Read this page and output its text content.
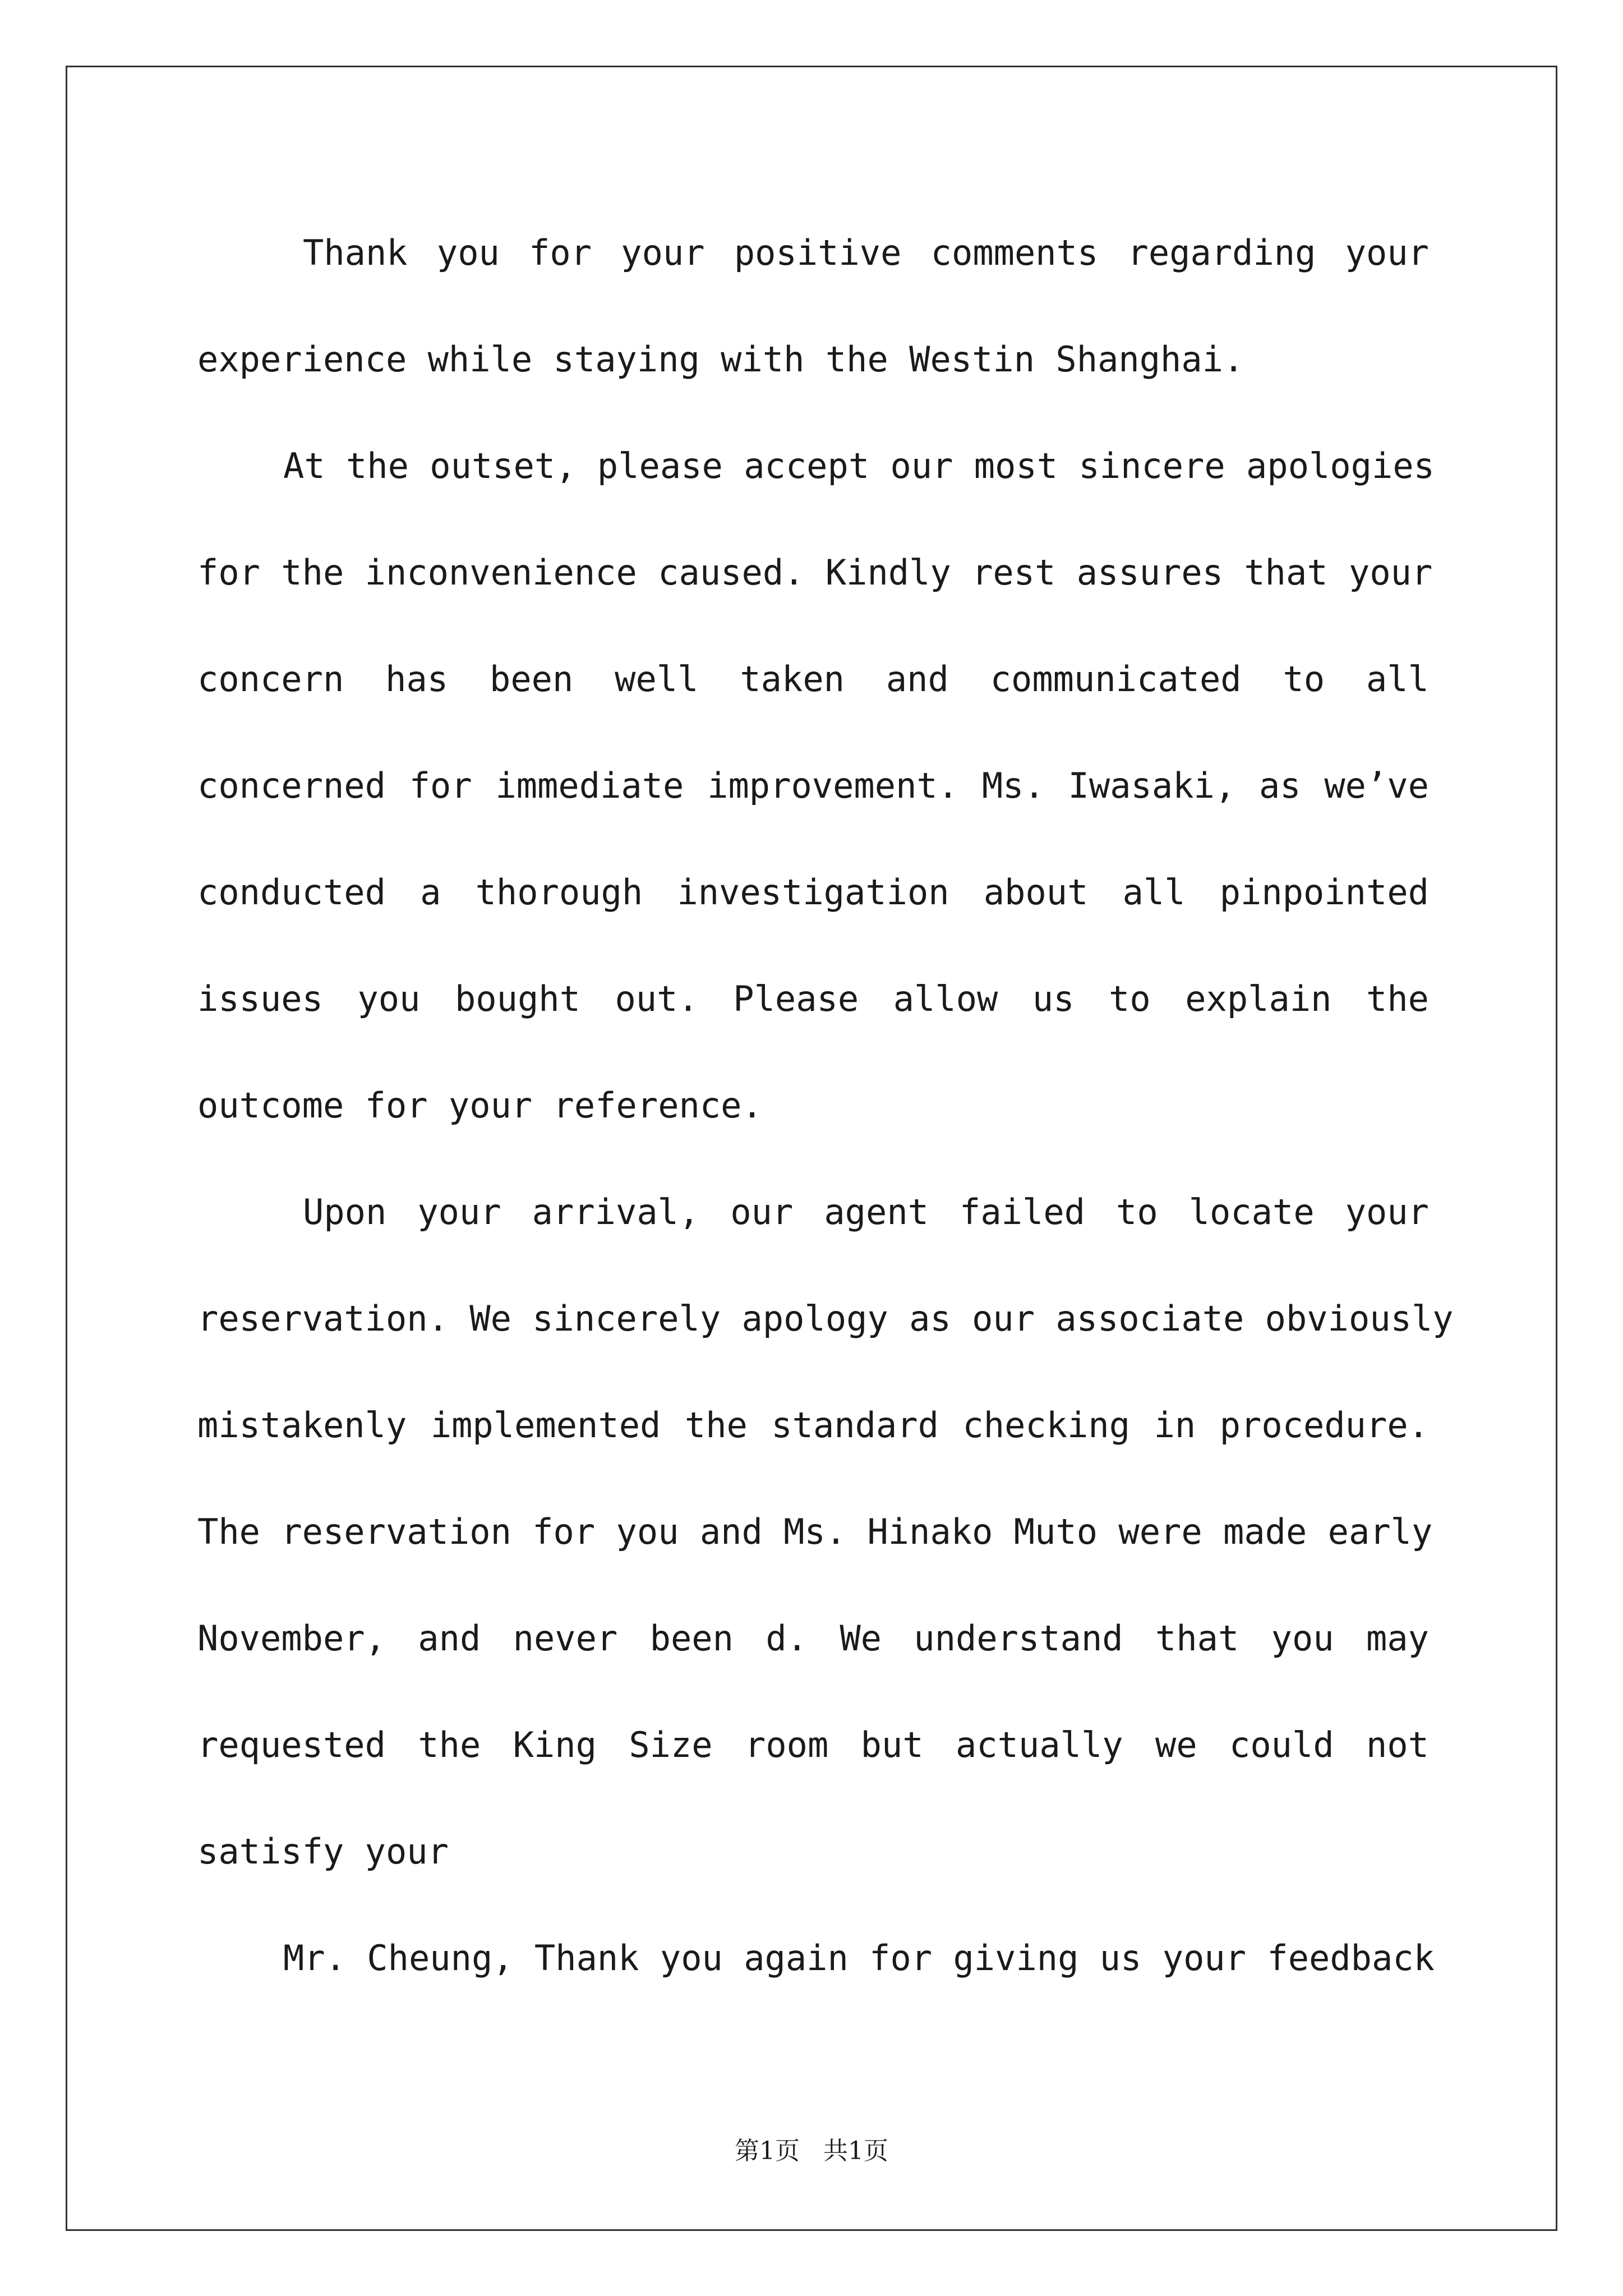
Thank you for your positive comments regarding your
experience while staying with the Westin Shanghai.
At the outset, please accept our most sincere apologies
for the inconvenience caused. Kindly rest assures that your
concern has been well taken and communicated to all
concerned for immediate improvement. Ms. Iwasaki, as we’ve
conducted a thorough investigation about all pinpointed
issues you bought out. Please allow us to explain the
outcome for your reference.
Upon your arrival, our agent failed to locate your
reservation. We sincerely apology as our associate obviously
mistakenly implemented the standard checking in procedure.
The reservation for you and Ms. Hinako Muto were made early
November, and never been d. We understand that you may
requested the King Size room but actually we could not
satisfy your
Mr. Cheung, Thank you again for giving us your feedback
第1页 共1页
